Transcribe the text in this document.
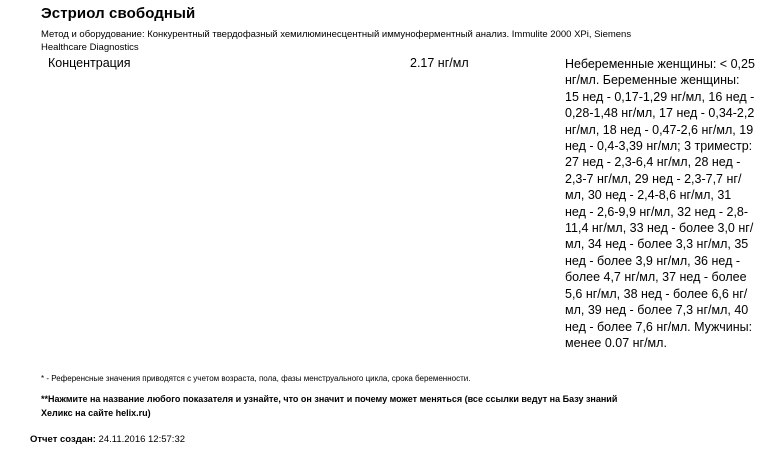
Эстриол свободный
Метод и оборудование: Конкурентный твердофазный хемилюминесцентный иммуноферментный анализ. Immulite 2000 XPi, Siemens Healthcare Diagnostics
Концентрация	2.17 нг/мл	Небеременные женщины: < 0,25 нг/мл. Беременные женщины: 15 нед - 0,17-1,29 нг/мл, 16 нед - 0,28-1,48 нг/мл, 17 нед - 0,34-2,2 нг/мл, 18 нед - 0,47-2,6 нг/мл, 19 нед - 0,4-3,39 нг/мл; 3 триместр: 27 нед - 2,3-6,4 нг/мл, 28 нед - 2,3-7 нг/мл, 29 нед - 2,3-7,7 нг/мл, 30 нед - 2,4-8,6 нг/мл, 31 нед - 2,6-9,9 нг/мл, 32 нед - 2,8-11,4 нг/мл, 33 нед - более 3,0 нг/мл, 34 нед - более 3,3 нг/мл, 35 нед - более 3,9 нг/мл, 36 нед - более 4,7 нг/мл, 37 нед - более 5,6 нг/мл, 38 нед - более 6,6 нг/мл, 39 нед - более 7,3 нг/мл, 40 нед - более 7,6 нг/мл. Мужчины: менее 0.07 нг/мл.
* - Референсные значения приводятся с учетом возраста, пола, фазы менструального цикла, срока беременности.
**Нажмите на название любого показателя и узнайте, что он значит и почему может меняться (все ссылки ведут на Базу знаний Хеликс на сайте helix.ru)
Отчет создан: 24.11.2016 12:57:32
